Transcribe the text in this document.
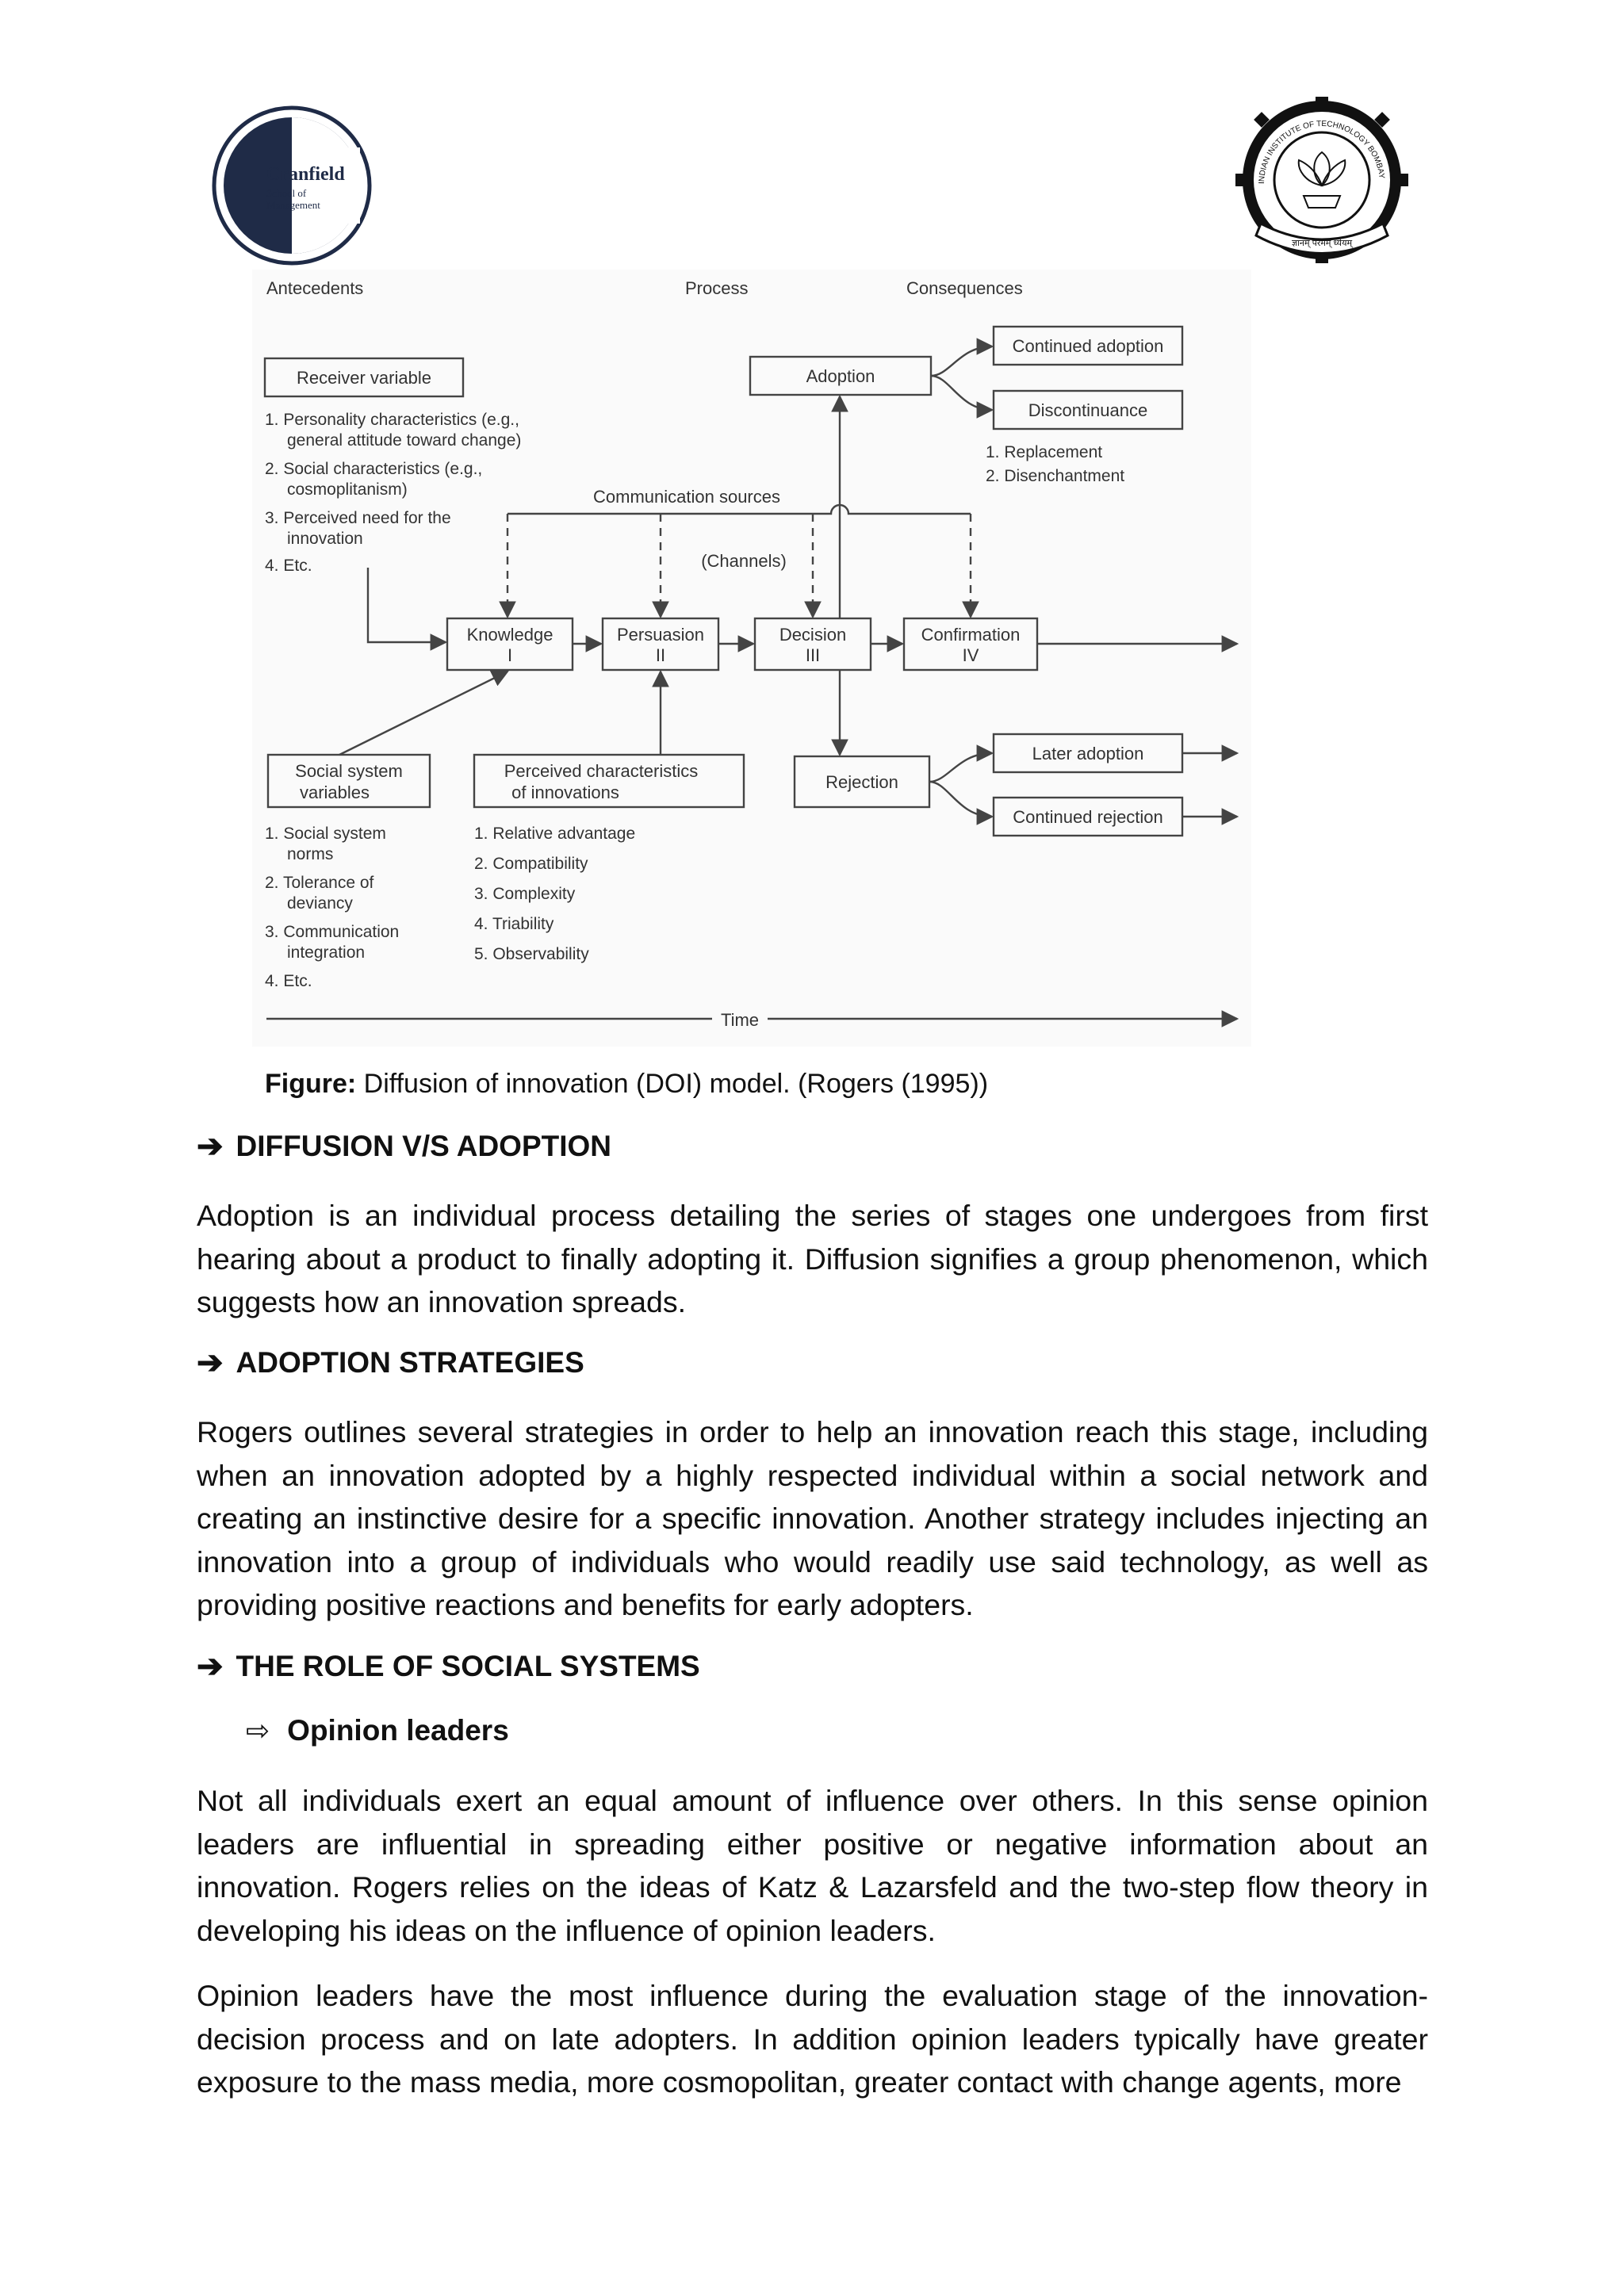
Cranfield
School of
Management
INDIAN INSTITUTE OF TECHNOLOGY BOMBAY
ज्ञानम् परमम् ध्येयम्
Antecedents	Process	Consequences
Receiver variable	Adoption
Continued adoption
Discontinuance
Knowledge
I
Persuasion
II
Decision
III
Confirmation
IV
Rejection
Later adoption
Continued rejection
Social system
variables
Perceived characteristics
of innovations
Time
Communication sources
(Channels)
1. Personality characteristics (e.g.,
general attitude toward change)
2. Social characteristics (e.g.,
cosmoplitanism)
3. Perceived need for the
innovation
4. Etc.
1. Replacement
2. Disenchantment
1. Social system
norms
2. Tolerance of
deviancy
3. Communication
integration
4. Etc.
1. Relative advantage
2. Compatibility
3. Complexity
4. Triability
5. Observability
Figure: Diffusion of innovation (DOI) model. (Rogers (1995))
➔ DIFFUSION V/S ADOPTION

Adoption is an individual process detailing the series of stages one undergoes from first hearing about a product to finally adopting it. Diffusion signifies a group phenomenon, which suggests how an innovation spreads.

➔ ADOPTION STRATEGIES

Rogers outlines several strategies in order to help an innovation reach this stage, including when an innovation adopted by a highly respected individual within a social network and creating an instinctive desire for a specific innovation. Another strategy includes injecting an innovation into a group of individuals who would readily use said technology, as well as providing positive reactions and benefits for early adopters.

➔ THE ROLE OF SOCIAL SYSTEMS
⇨ Opinion leaders

Not all individuals exert an equal amount of influence over others. In this sense opinion leaders are influential in spreading either positive or negative information about an innovation. Rogers relies on the ideas of Katz & Lazarsfeld and the two-step flow theory in developing his ideas on the influence of opinion leaders.

Opinion leaders have the most influence during the evaluation stage of the innovation-decision process and on late adopters. In addition opinion leaders typically have greater exposure to the mass media, more cosmopolitan, greater contact with change agents, more
